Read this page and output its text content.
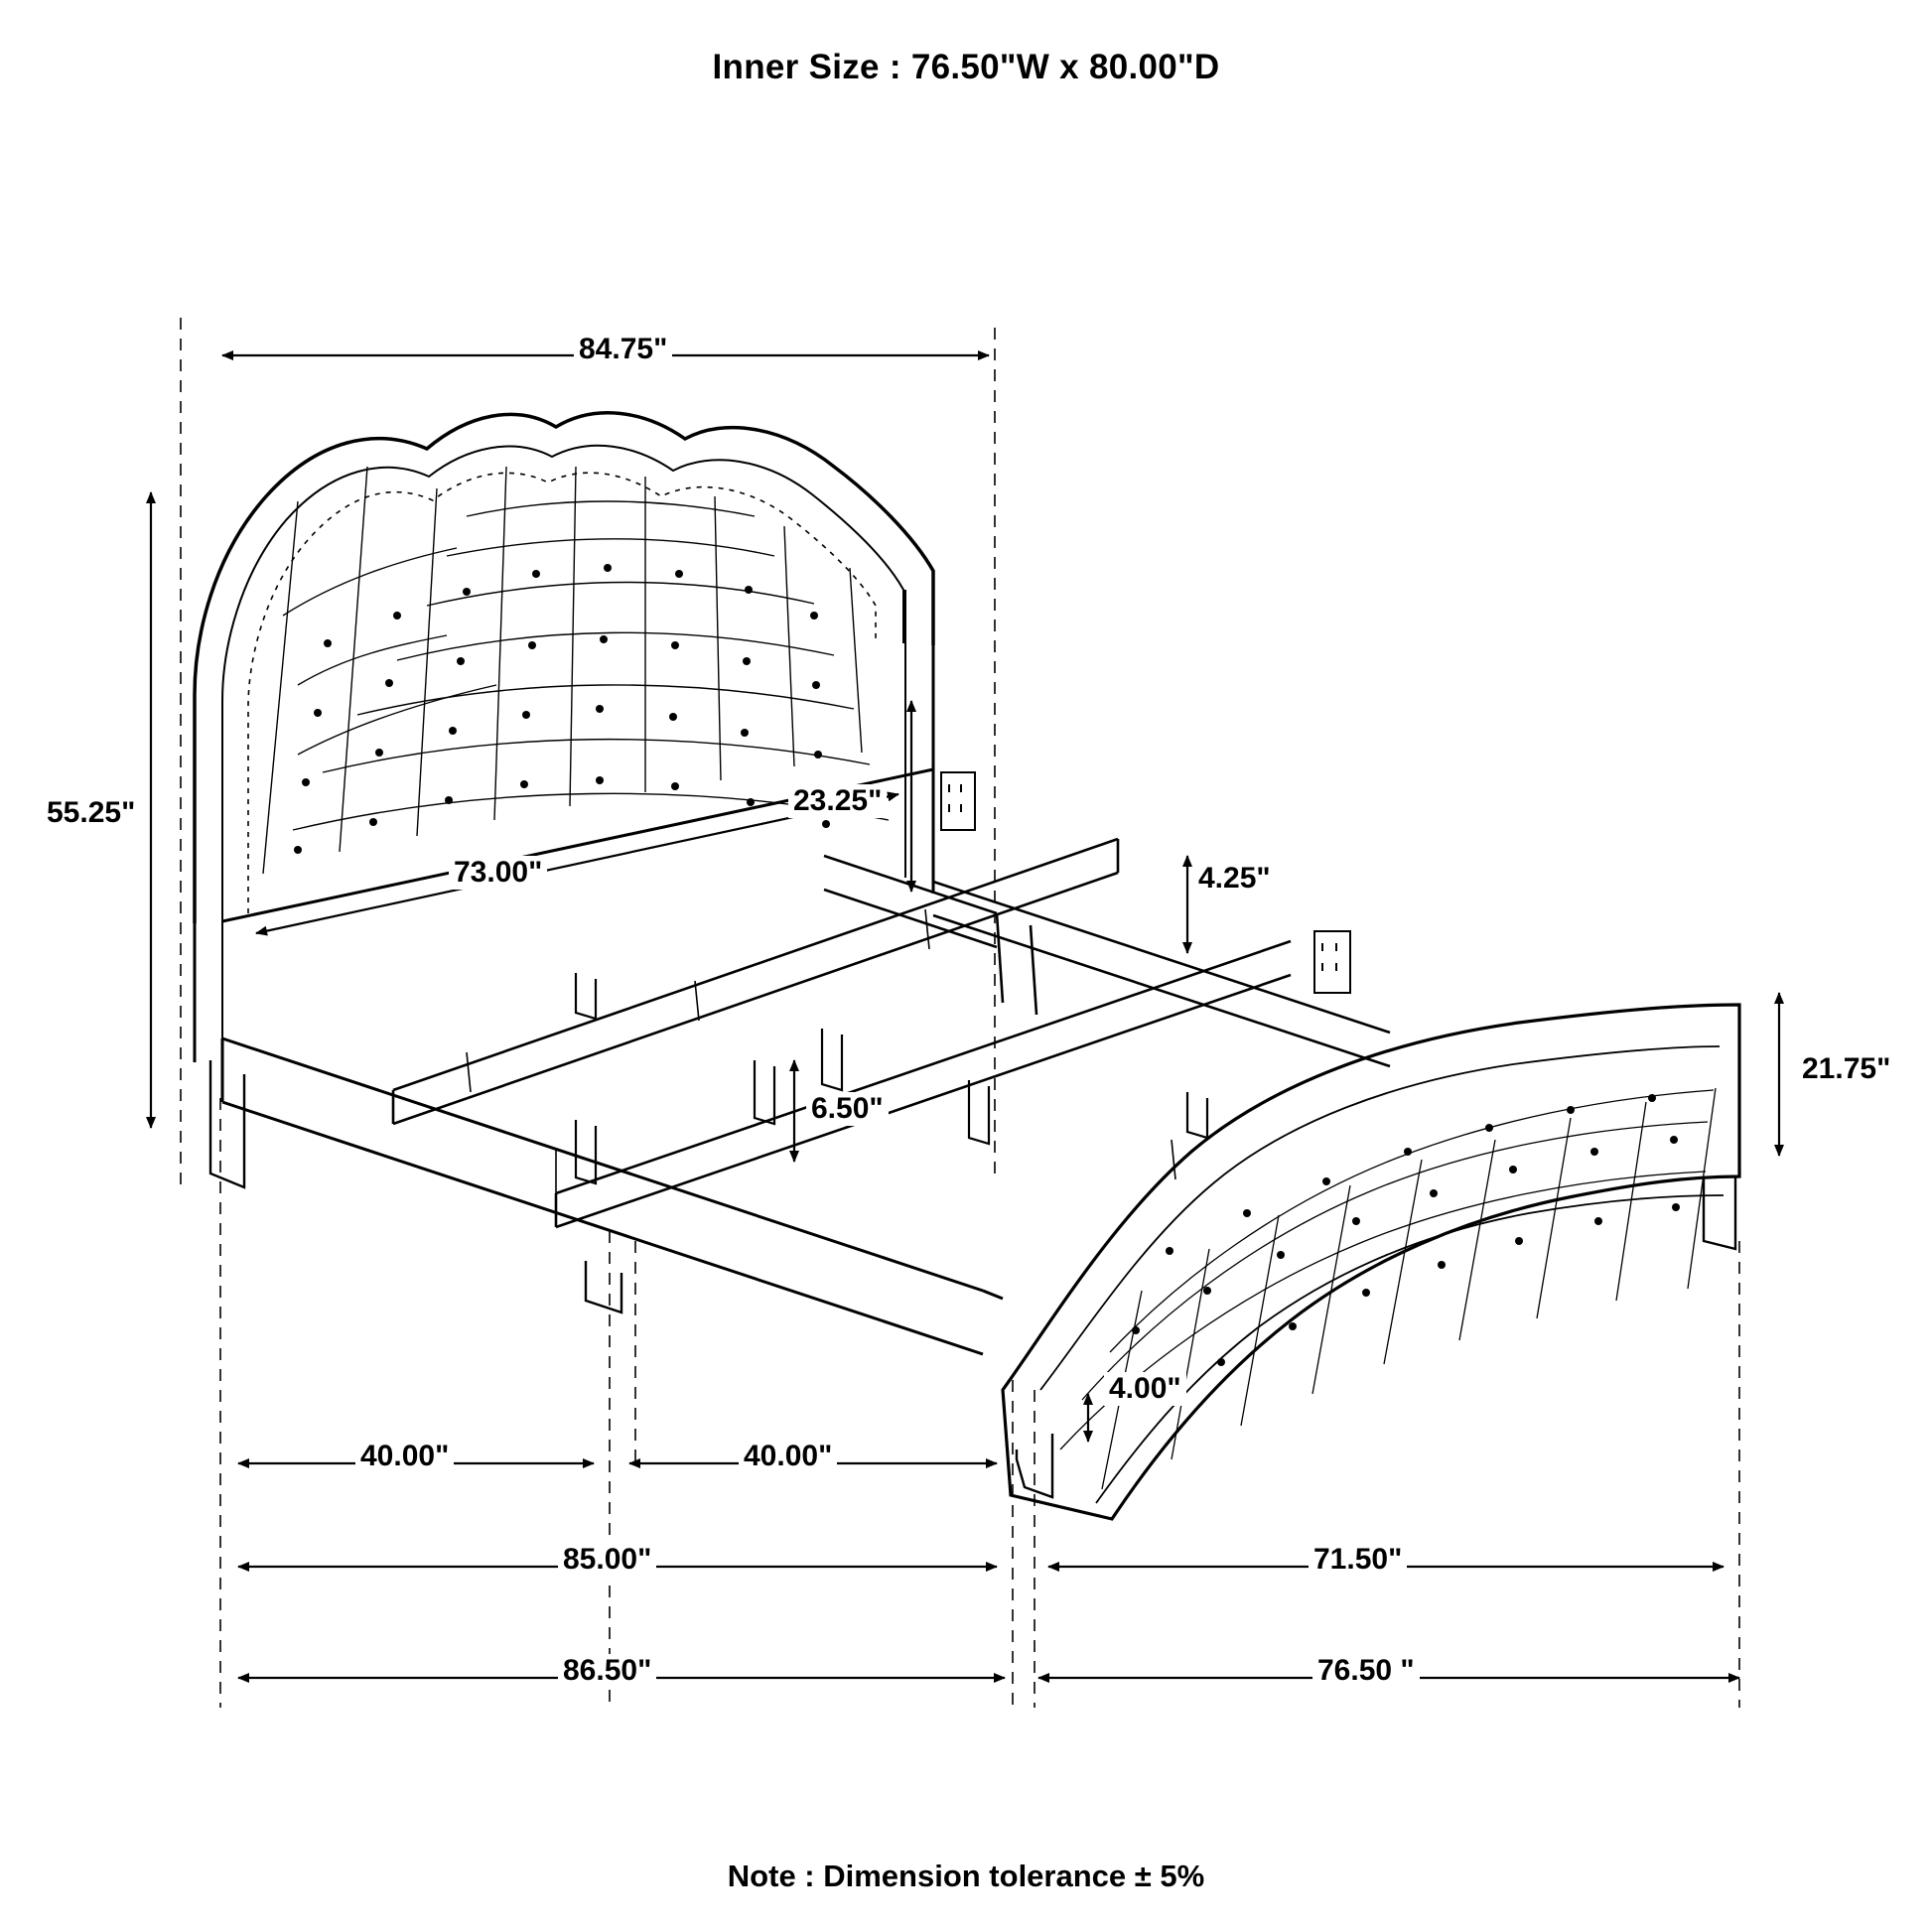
Inner Size : 76.50"W x 80.00"D
84.75"
55.25"
73.00"
23.25"
4.25"
6.50"
21.75"
4.00"
40.00"	40.00"
85.00"	71.50"
86.50"	76.50 "
Note : Dimension tolerance ± 5%
